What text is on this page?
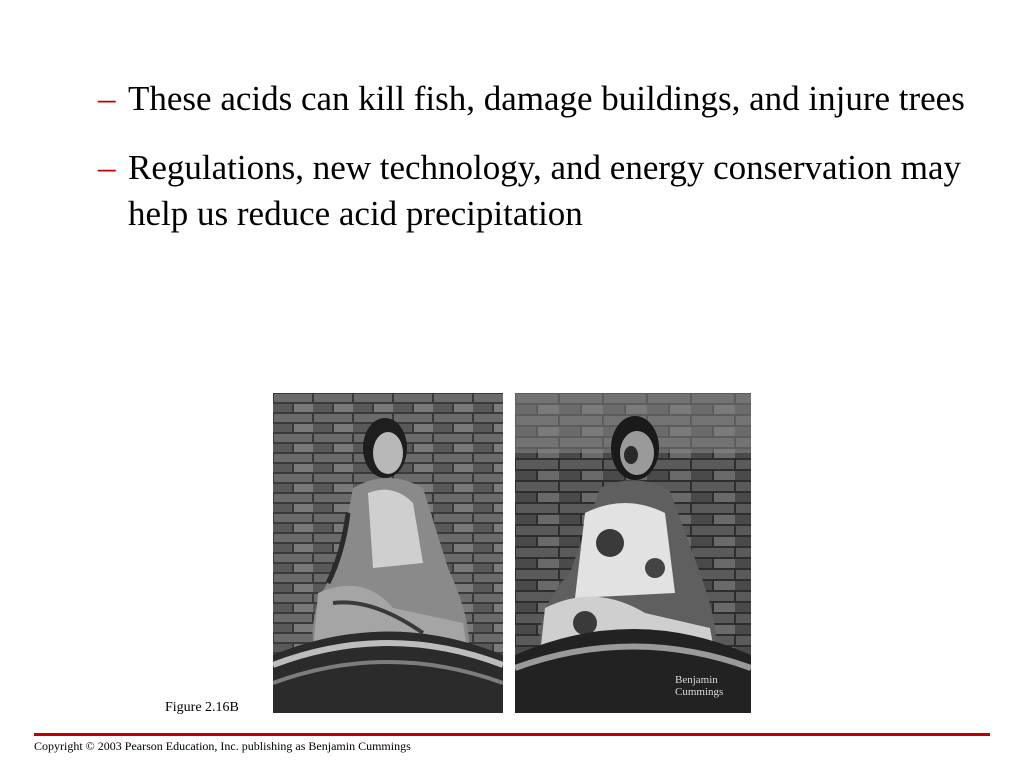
– These acids can kill fish, damage buildings, and injure trees
– Regulations, new technology, and energy conservation may help us reduce acid precipitation
Benjamin
Cummings
Figure 2.16B
Copyright © 2003 Pearson Education, Inc. publishing as Benjamin Cummings
